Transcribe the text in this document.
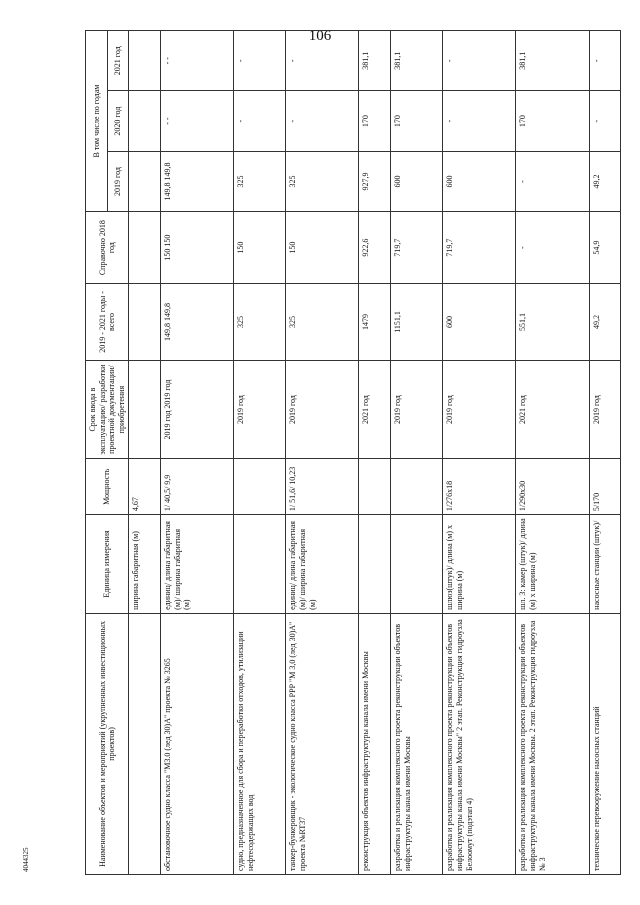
106
4044325	Наименование объектов и мероприятий (укрупненных инвестиционных проектов)	Единица измерения	Мощность	Срок ввода в эксплуатацию/ разработки проектной документации/ приобретения	2019 - 2021 годы - всего	Справочно 2018 год	В том числе по годам		
						2019 год	2020 год	2021 год
	ширина габаритная (м)	4,67						
обстановочное судно класса "М3.0 (лед 30)А" проекта № 3265	единиц/ длина габаритная (м)/ ширина габаритная (м)	1/ 40,5/ 9,9	2019 год 2019 год	149,8 149,8	150 150	149,8 149,8	- -	- -
судно, предназначенное для сбора и переработки отходов, утилизации нефтесодержащих вод			2019 год	325	150	325	-	-
танкер-бункеровщик - экологическое судно класса РРР "М 3,0 (лед 30)А" проекта №RT37	единиц/ длина габаритная (м)/ ширина габаритная (м)	1/ 51,6/ 10,23	2019 год	325	150	325	-	-
реконструкция объектов инфраструктуры канала имени Москвы			2021 год	1479	922,6	927,9	170	381,1
разработка и реализация комплексного проекта реконструкции объектов инфраструктуры канала имени Москвы			2019 год	1151,1	719,7	600	170	381,1
разработка и реализация комплексного проекта реконструкции объектов инфраструктуры канала имени Москвы" 2 этап. Реконструкция гидроузла Белоомут (подэтап 4)	шлюз(штук)/ длина (м) х ширина (м)	1/276x18	2019 год	600	719,7	600	-	-
разработка и реализация комплексного проекта реконструкции объектов инфраструктуры канала имени Москвы. 2 этап. Реконструкция гидроузла № 3	шл. 3: камер (штук)/ длина (м) х ширина (м)	1/290x30	2021 год	551,1	-	-	170	381,1
техническое перевооружение насосных станций	насосные станции (штук)/	5/170	2019 год	49,2	54,9	49,2	-	-
